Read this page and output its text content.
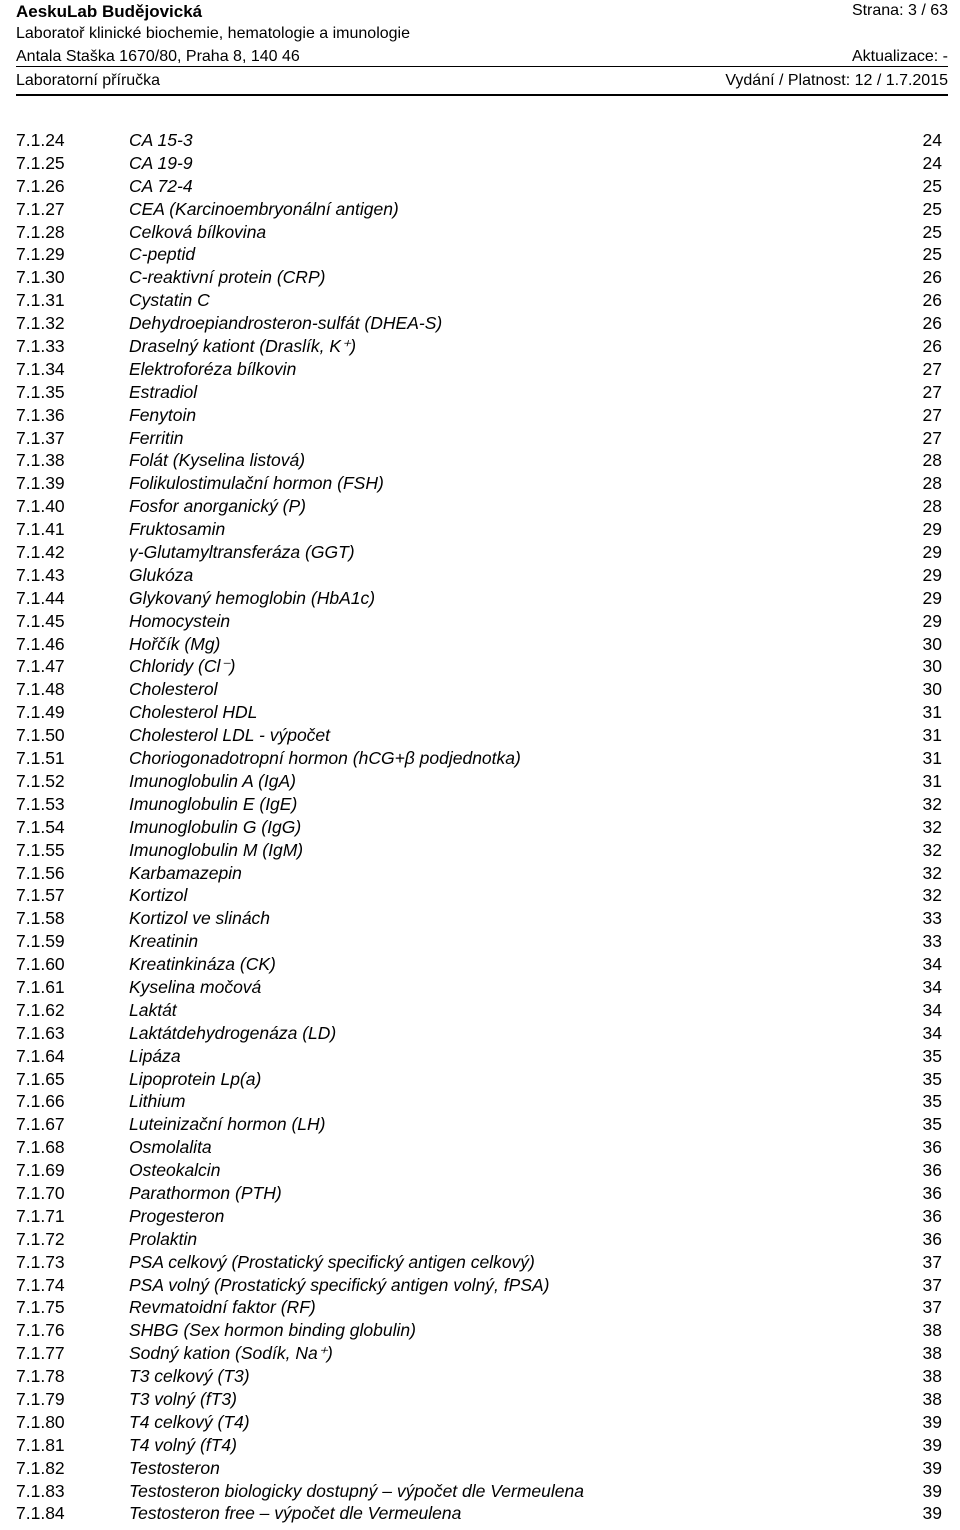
AeskuLab Budějovická	Strana: 3 / 63
Laboratoř klinické biochemie, hematologie a imunologie
Antala Staška 1670/80, Praha 8, 140 46	Aktualizace: -
Laboratorní příručka	Vydání / Platnost: 12 / 1.7.2015
7.1.24	CA 15-3	24
7.1.25	CA 19-9	24
7.1.26	CA 72-4	25
7.1.27	CEA (Karcinoembryonální antigen)	25
7.1.28	Celková bílkovina	25
7.1.29	C-peptid	25
7.1.30	C-reaktivní protein (CRP)	26
7.1.31	Cystatin C	26
7.1.32	Dehydroepiandrosteron-sulfát (DHEA-S)	26
7.1.33	Draselný kationt (Draslík, K⁺)	26
7.1.34	Elektroforéza bílkovin	27
7.1.35	Estradiol	27
7.1.36	Fenytoin	27
7.1.37	Ferritin	27
7.1.38	Folát (Kyselina listová)	28
7.1.39	Folikulostimulační hormon (FSH)	28
7.1.40	Fosfor anorganický (P)	28
7.1.41	Fruktosamin	29
7.1.42	γ-Glutamyltransferáza (GGT)	29
7.1.43	Glukóza	29
7.1.44	Glykovaný hemoglobin (HbA1c)	29
7.1.45	Homocystein	29
7.1.46	Hořčík (Mg)	30
7.1.47	Chloridy (Cl⁻)	30
7.1.48	Cholesterol	30
7.1.49	Cholesterol HDL	31
7.1.50	Cholesterol LDL - výpočet	31
7.1.51	Choriogonadotropní hormon (hCG+β podjednotka)	31
7.1.52	Imunoglobulin A (IgA)	31
7.1.53	Imunoglobulin E (IgE)	32
7.1.54	Imunoglobulin G (IgG)	32
7.1.55	Imunoglobulin M (IgM)	32
7.1.56	Karbamazepin	32
7.1.57	Kortizol	32
7.1.58	Kortizol ve slinách	33
7.1.59	Kreatinin	33
7.1.60	Kreatinkináza (CK)	34
7.1.61	Kyselina močová	34
7.1.62	Laktát	34
7.1.63	Laktátdehydrogenáza (LD)	34
7.1.64	Lipáza	35
7.1.65	Lipoprotein Lp(a)	35
7.1.66	Lithium	35
7.1.67	Luteinizační hormon (LH)	35
7.1.68	Osmolalita	36
7.1.69	Osteokalcin	36
7.1.70	Parathormon (PTH)	36
7.1.71	Progesteron	36
7.1.72	Prolaktin	36
7.1.73	PSA celkový (Prostatický specifický antigen celkový)	37
7.1.74	PSA volný (Prostatický specifický antigen volný, fPSA)	37
7.1.75	Revmatoidní faktor (RF)	37
7.1.76	SHBG (Sex hormon binding globulin)	38
7.1.77	Sodný kation (Sodík, Na⁺)	38
7.1.78	T3 celkový (T3)	38
7.1.79	T3 volný (fT3)	38
7.1.80	T4 celkový (T4)	39
7.1.81	T4 volný (fT4)	39
7.1.82	Testosteron	39
7.1.83	Testosteron biologicky dostupný – výpočet dle Vermeulena	39
7.1.84	Testosteron free – výpočet dle Vermeulena	39
